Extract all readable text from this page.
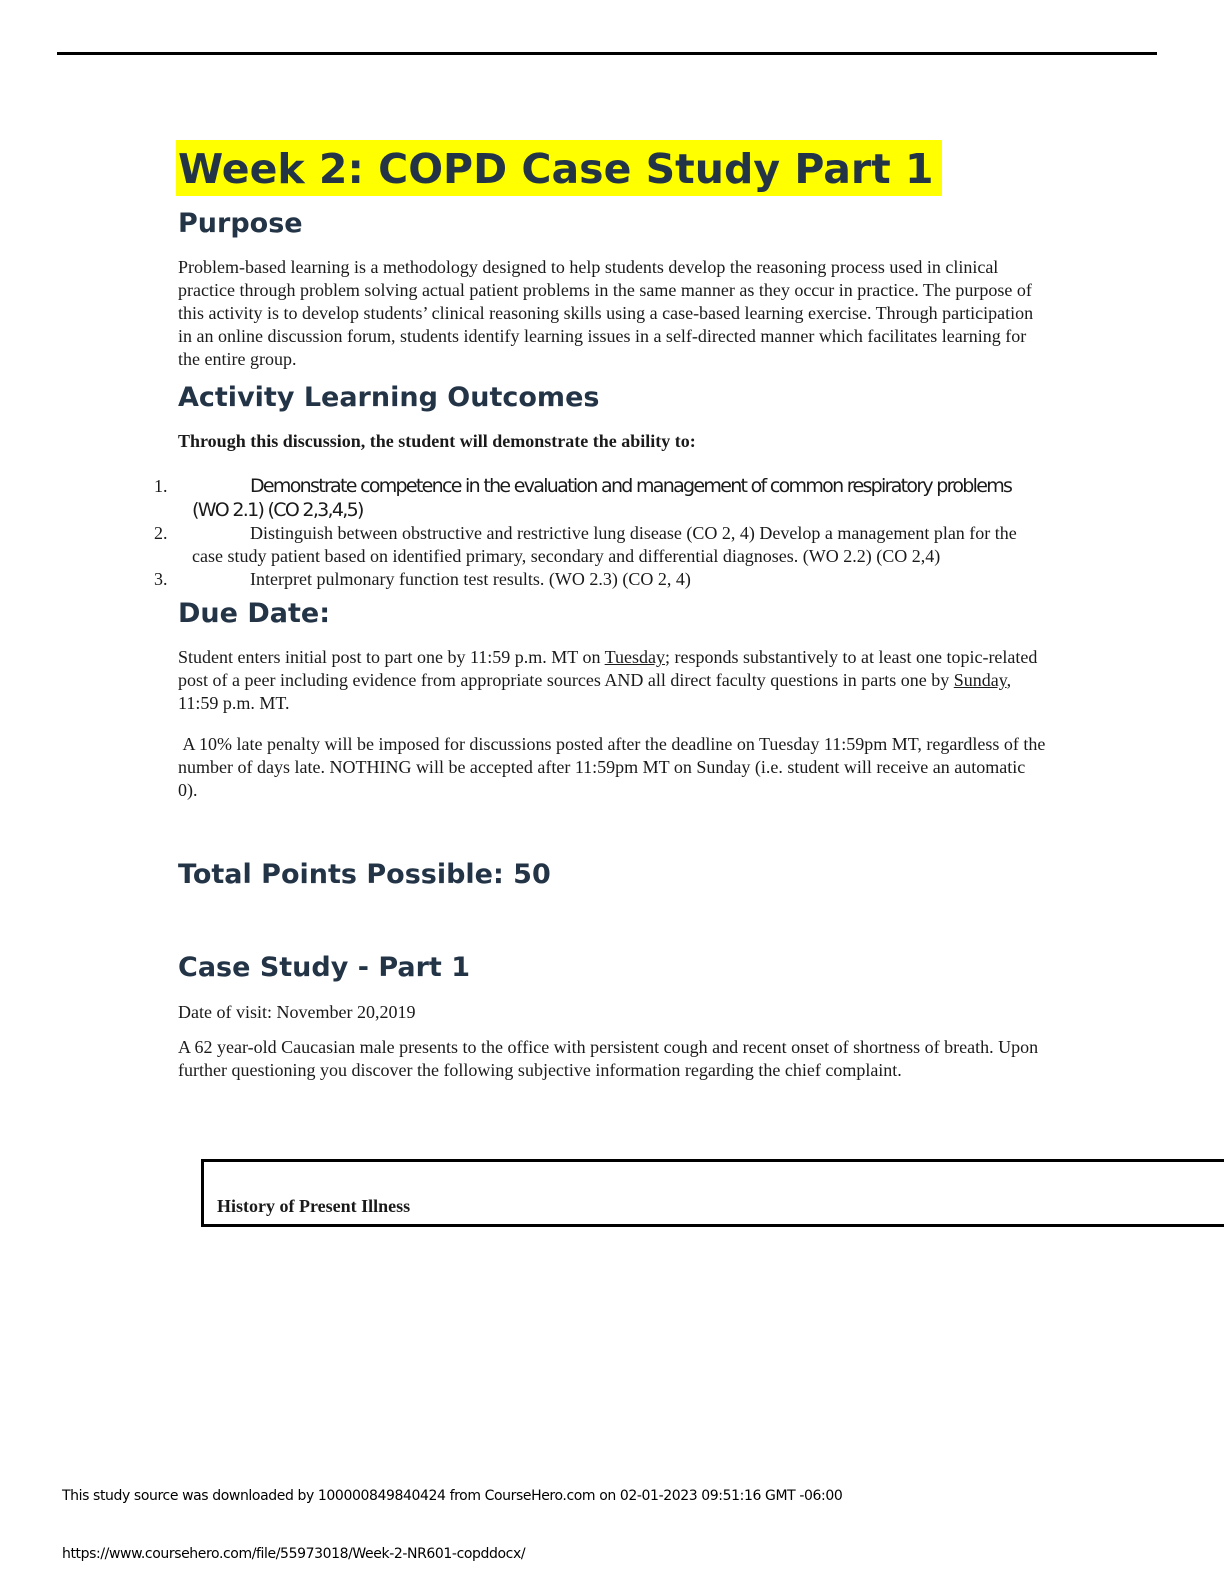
Week 2: COPD Case Study Part 1
Purpose

Problem-based learning is a methodology designed to help students develop the reasoning process used in clinical practice through problem solving actual patient problems in the same manner as they occur in practice. The purpose of this activity is to develop students’ clinical reasoning skills using a case-based learning exercise. Through participation in an online discussion forum, students identify learning issues in a self-directed manner which facilitates learning for the entire group.

Activity Learning Outcomes

Through this discussion, the student will demonstrate the ability to:

1.	Demonstrate competence in the evaluation and management of common respiratory problems (WO 2.1) (CO 2,3,4,5)
2.	Distinguish between obstructive and restrictive lung disease (CO 2, 4) Develop a management plan for the case study patient based on identified primary, secondary and differential diagnoses. (WO 2.2) (CO 2,4)
3.	Interpret pulmonary function test results. (WO 2.3) (CO 2, 4)
Due Date:

Student enters initial post to part one by 11:59 p.m. MT on Tuesday; responds substantively to at least one topic-related post of a peer including evidence from appropriate sources AND all direct faculty questions in parts one by Sunday, 11:59 p.m. MT.

A 10% late penalty will be imposed for discussions posted after the deadline on Tuesday 11:59pm MT, regardless of the number of days late. NOTHING will be accepted after 11:59pm MT on Sunday (i.e. student will receive an automatic 0).

Total Points Possible: 50
Case Study - Part 1

Date of visit: November 20,2019

A 62 year-old Caucasian male presents to the office with persistent cough and recent onset of shortness of breath. Upon further questioning you discover the following subjective information regarding the chief complaint.

History of Present Illness
This study source was downloaded by 100000849840424 from CourseHero.com on 02-01-2023 09:51:16 GMT -06:00
https://www.coursehero.com/file/55973018/Week-2-NR601-copddocx/
